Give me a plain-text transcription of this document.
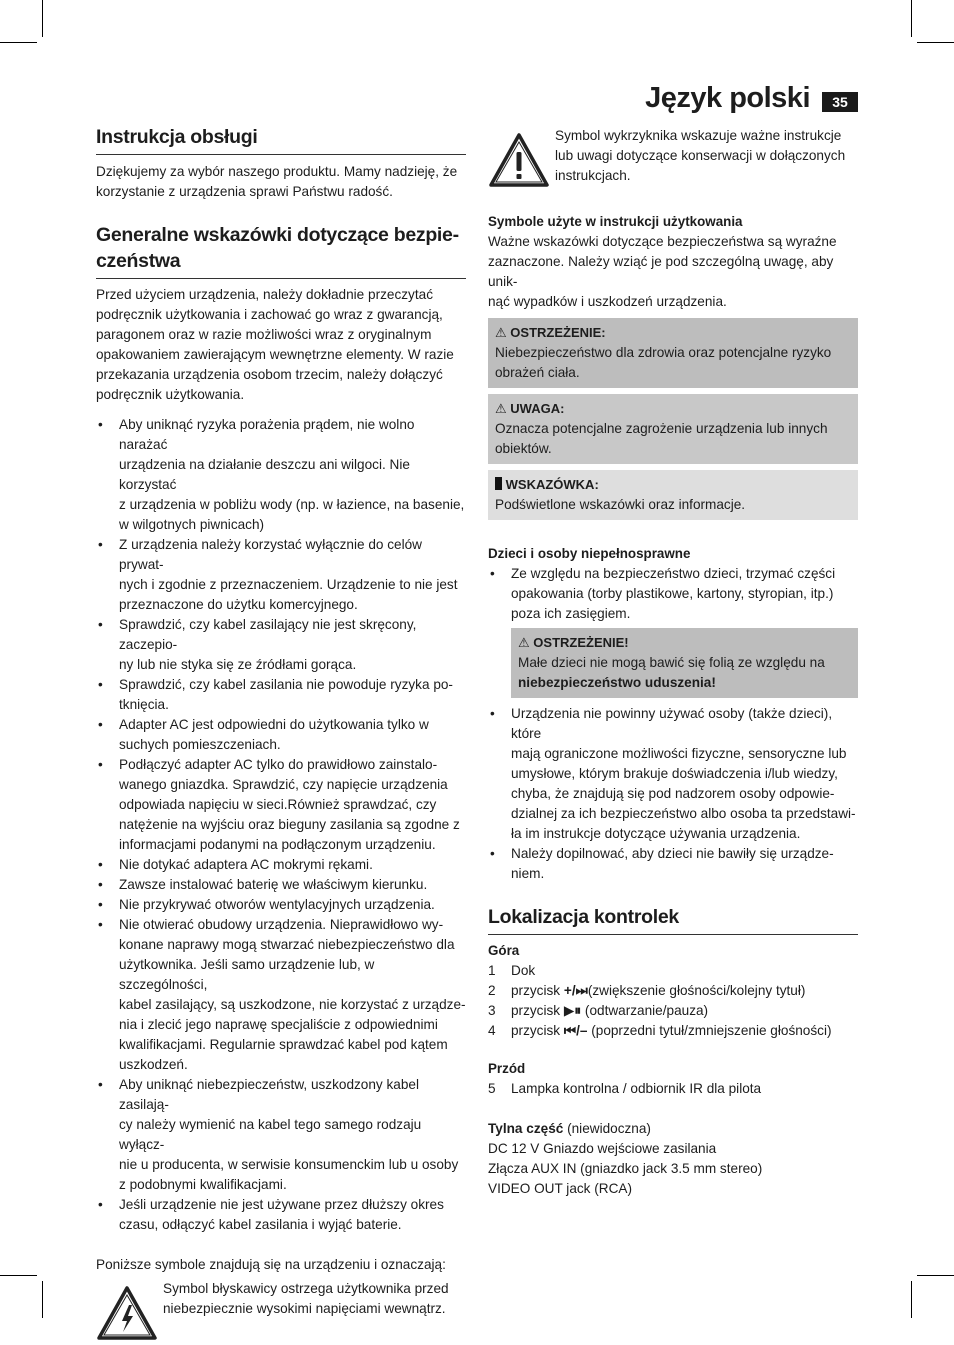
Język polski	35
Instrukcja obsługi

Dziękujemy za wybór naszego produktu. Mamy nadzieję, że
korzystanie z urządzenia sprawi Państwu radość.

Generalne wskazówki dotyczące bezpie-
czeństwa

Przed użyciem urządzenia, należy dokładnie przeczytać
podręcznik użytkowania i zachować go wraz z gwarancją,
paragonem oraz w razie możliwości wraz z oryginalnym
opakowaniem zawierającym wewnętrzne elementy. W razie
przekazania urządzenia osobom trzecim, należy dołączyć
podręcznik użytkowania.

• Aby uniknąć ryzyka porażenia prądem, nie wolno narażać
urządzenia na działanie deszczu ani wilgoci. Nie korzystać
z urządzenia w pobliżu wody (np. w łazience, na basenie,
w wilgotnych piwnicach)
• Z urządzenia należy korzystać wyłącznie do celów prywat-
nych i zgodnie z przeznaczeniem. Urządzenie to nie jest
przeznaczone do użytku komercyjnego.
• Sprawdzić, czy kabel zasilający nie jest skręcony, zaczepio-
ny lub nie styka się ze źródłami gorąca.
• Sprawdzić, czy kabel zasilania nie powoduje ryzyka po-
tknięcia.
• Adapter AC jest odpowiedni do użytkowania tylko w
suchych pomieszczeniach.
• Podłączyć adapter AC tylko do prawidłowo zainstalo-
wanego gniazdka. Sprawdzić, czy napięcie urządzenia
odpowiada napięciu w sieci.Również sprawdzać, czy
natężenie na wyjściu oraz bieguny zasilania są zgodne z
informacjami podanymi na podłączonym urządzeniu.
• Nie dotykać adaptera AC mokrymi rękami.
• Zawsze instalować baterię we właściwym kierunku.
• Nie przykrywać otworów wentylacyjnych urządzenia.
• Nie otwierać obudowy urządzenia. Nieprawidłowo wy-
konane naprawy mogą stwarzać niebezpieczeństwo dla
użytkownika. Jeśli samo urządzenie lub, w szczególności,
kabel zasilający, są uszkodzone, nie korzystać z urządze-
nia i zlecić jego naprawę specjaliście z odpowiednimi
kwalifikacjami. Regularnie sprawdzać kabel pod kątem
uszkodzeń.
• Aby uniknąć niebezpieczeństw, uszkodzony kabel zasilają-
cy należy wymienić na kabel tego samego rodzaju wyłącz-
nie u producenta, w serwisie konsumenckim lub u osoby
z podobnymi kwalifikacjami.
• Jeśli urządzenie nie jest używane przez dłuższy okres
czasu, odłączyć kabel zasilania i wyjąć baterie.

Poniższe symbole znajdują się na urządzeniu i oznaczają:

Symbol błyskawicy ostrzega użytkownika przed
niebezpiecznie wysokimi napięciami wewnątrz.
Symbol wykrzyknika wskazuje ważne instrukcje
lub uwagi dotyczące konserwacji w dołączonych
instrukcjach.
Symbole użyte w instrukcji użytkowania

Ważne wskazówki dotyczące bezpieczeństwa są wyraźne
zaznaczone. Należy wziąć je pod szczególną uwagę, aby unik-
nąć wypadków i uszkodzeń urządzenia.

⚠ OSTRZEŻENIE:
Niebezpieczeństwo dla zdrowia oraz potencjalne ryzyko
obrażeń ciała.
⚠ UWAGA:
Oznacza potencjalne zagrożenie urządzenia lub innych
obiektów.
WSKAZÓWKA:
Podświetlone wskazówki oraz informacje.
Dzieci i osoby niepełnosprawne
• Ze względu na bezpieczeństwo dzieci, trzymać części
opakowania (torby plastikowe, kartony, styropian, itp.)
poza ich zasięgiem.
⚠ OSTRZEŻENIE!
Małe dzieci nie mogą bawić się folią ze względu na
niebezpieczeństwo uduszenia!
• Urządzenia nie powinny używać osoby (także dzieci), które
mają ograniczone możliwości fizyczne, sensoryczne lub
umysłowe, którym brakuje doświadczenia i/lub wiedzy,
chyba, że znajdują się pod nadzorem osoby odpowie-
dzialnej za ich bezpieczeństwo albo osoba ta przedstawi-
ła im instrukcje dotyczące używania urządzenia.
• Należy dopilnować, aby dzieci nie bawiły się urządze-
niem.
Lokalizacja kontrolek
Góra
1 Dok
2 przycisk +/⏭(zwiększenie głośności/kolejny tytuł)
3 przycisk ▶⏸ (odtwarzanie/pauza)
4 przycisk ⏮/– (poprzedni tytuł/zmniejszenie głośności)
Przód
5 Lampka kontrolna / odbiornik IR dla pilota

Tylna część (niewidoczna)
DC 12 V Gniazdo wejściowe zasilania
Złącza AUX IN (gniazdko jack 3.5 mm stereo)
VIDEO OUT jack (RCA)
